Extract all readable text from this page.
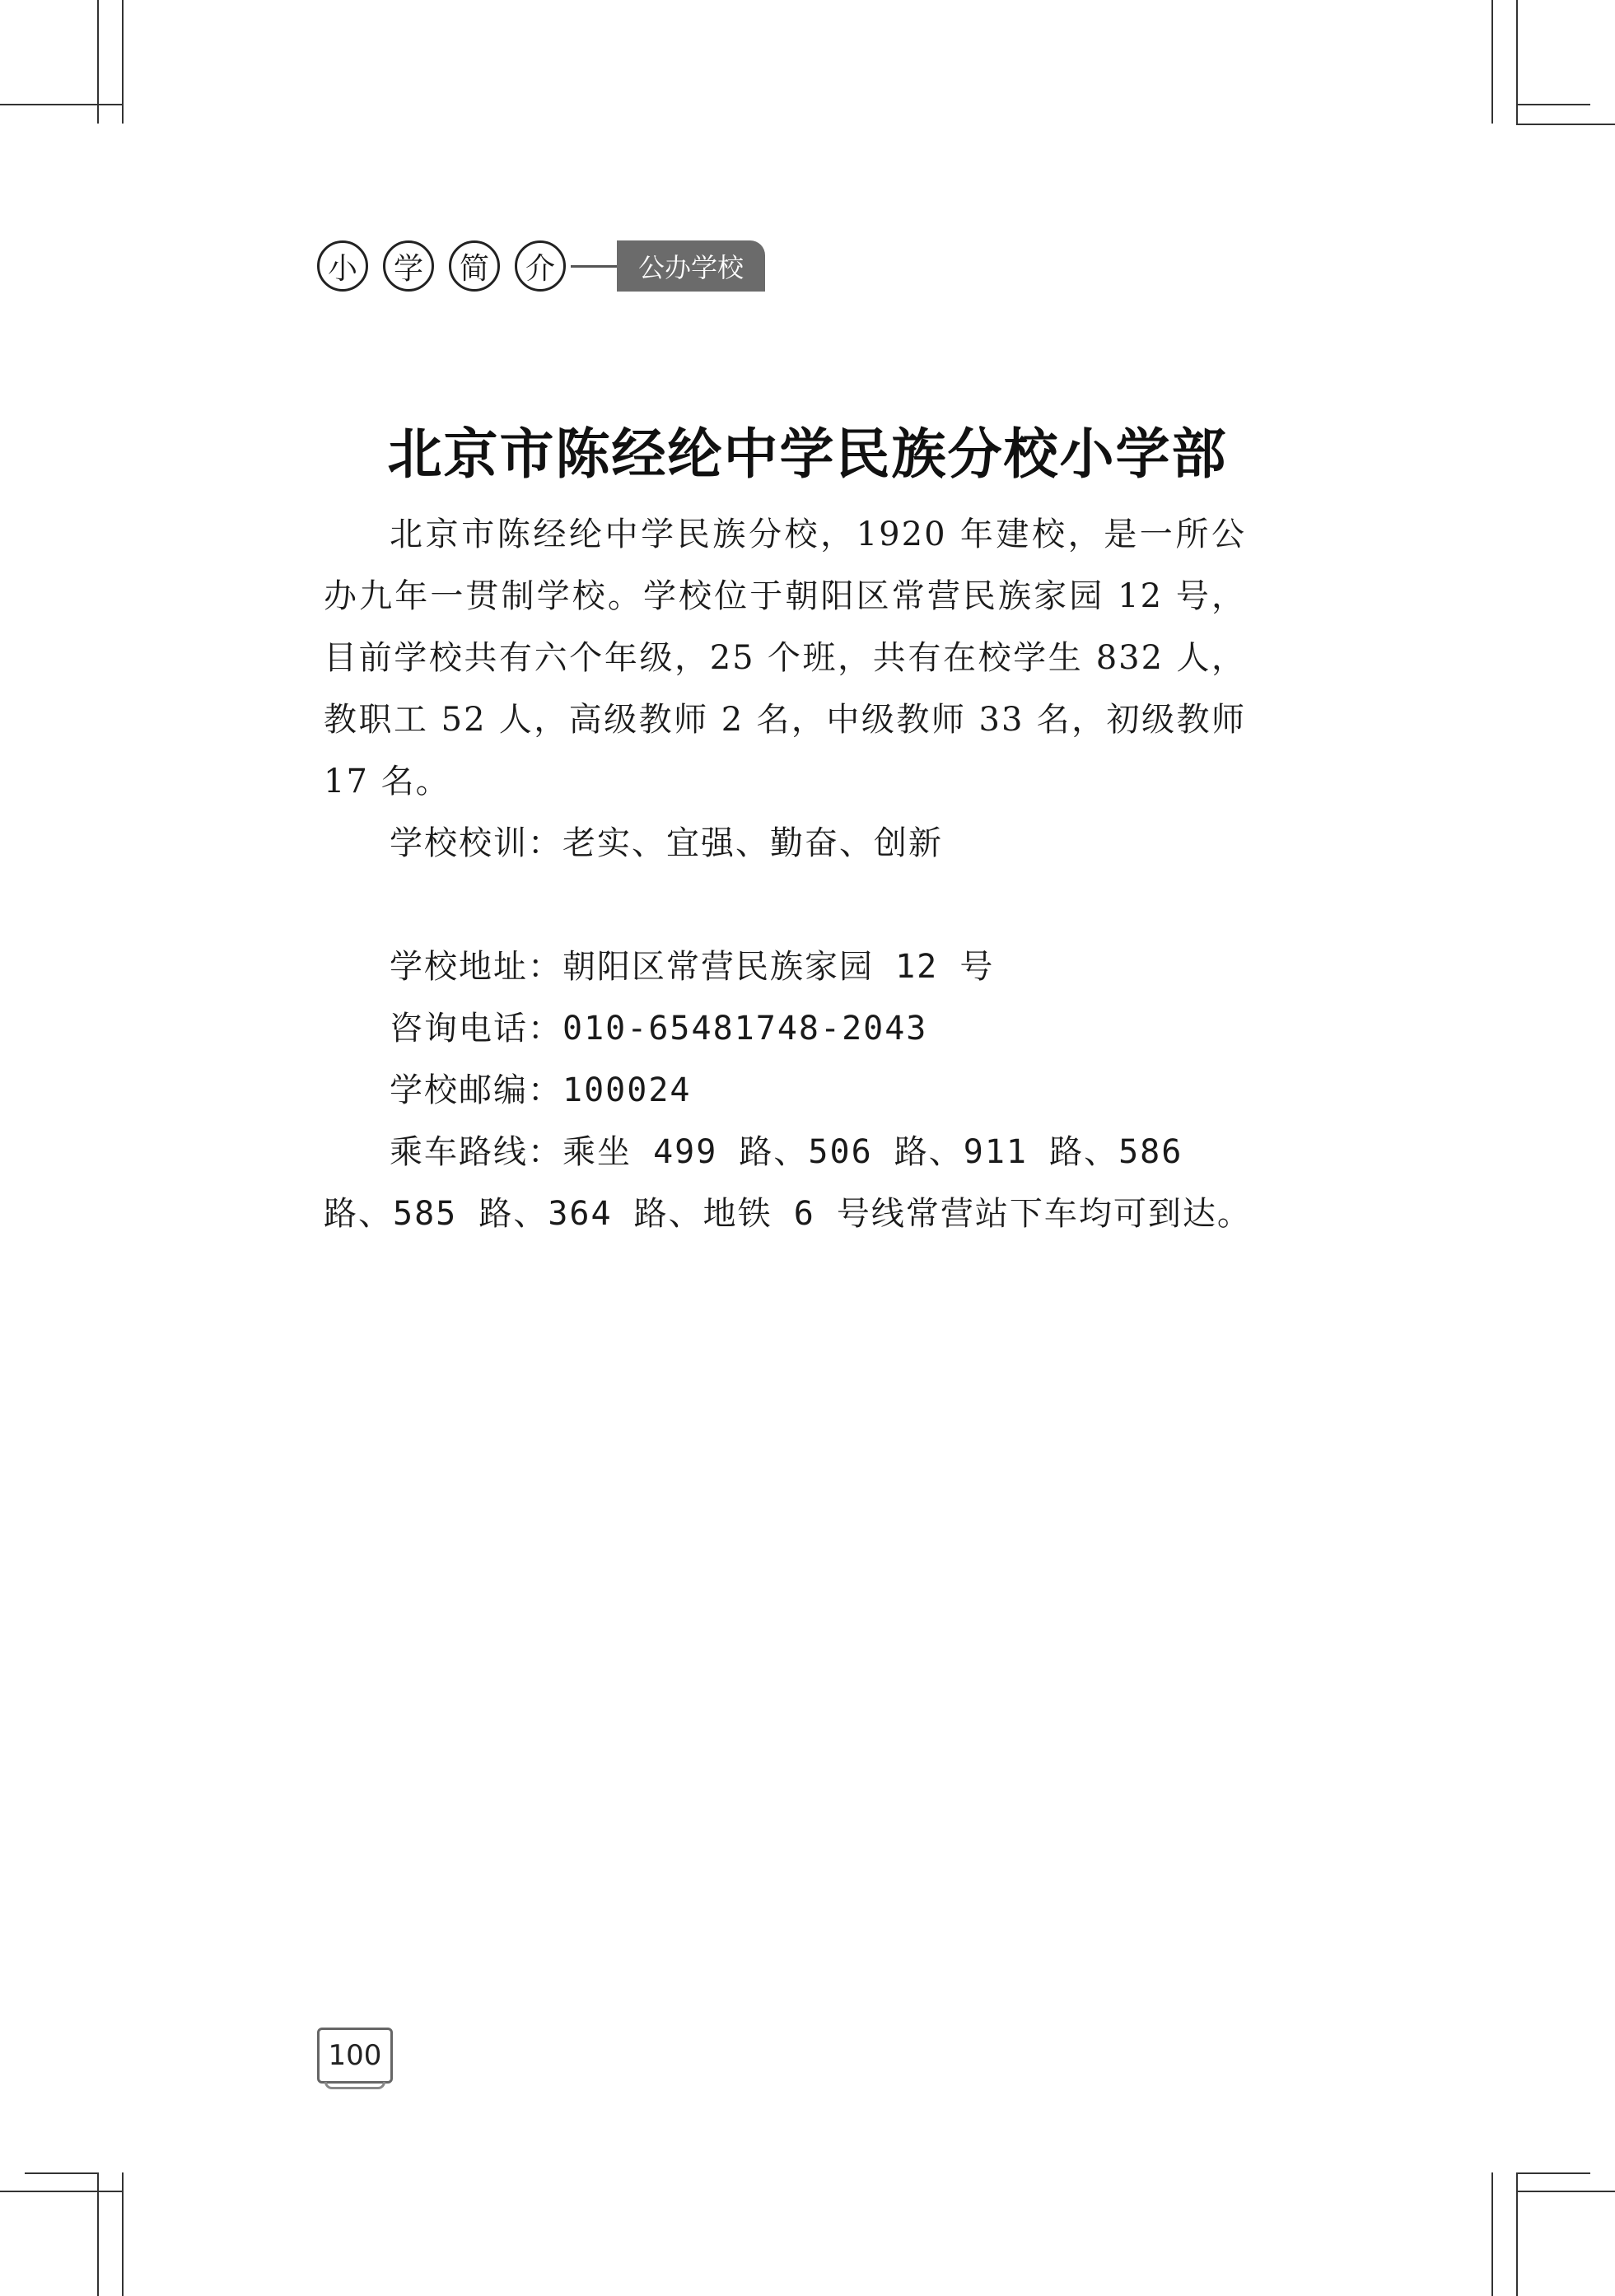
小	学	简	介	公办学校
北京市陈经纶中学民族分校小学部

北京市陈经纶中学民族分校，1920 年建校，是一所公办九年一贯制学校。学校位于朝阳区常营民族家园 12 号，目前学校共有六个年级，25 个班，共有在校学生 832 人，教职工 52 人，高级教师 2 名，中级教师 33 名，初级教师 17 名。

学校校训：老实、宜强、勤奋、创新

学校地址：朝阳区常营民族家园 12 号

咨询电话：010-65481748-2043

学校邮编：100024

乘车路线：乘坐 499 路、506 路、911 路、586 路、585 路、364 路、地铁 6 号线常营站下车均可到达。

100
